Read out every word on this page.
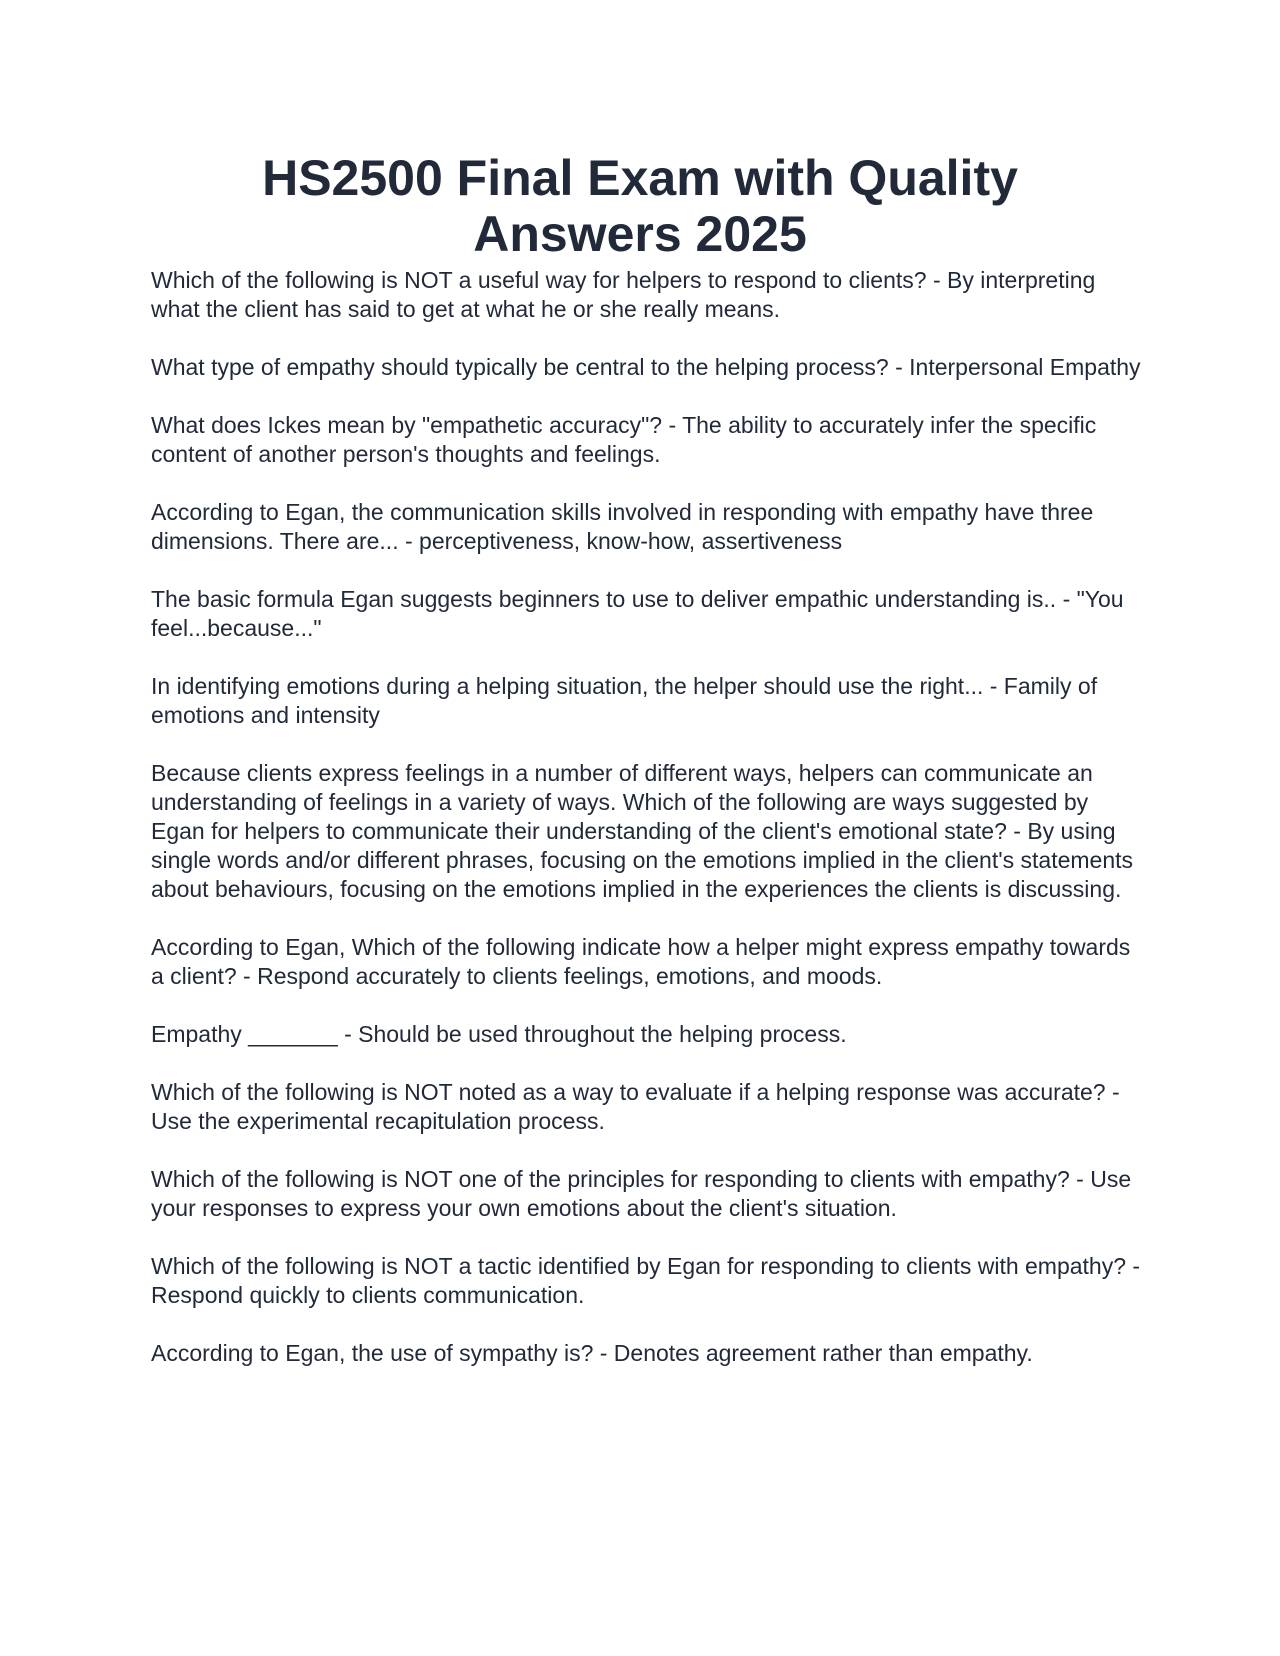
HS2500 Final Exam with Quality
Answers 2025

Which of the following is NOT a useful way for helpers to respond to clients? - By interpreting what the client has said to get at what he or she really means.

What type of empathy should typically be central to the helping process? - Interpersonal Empathy

What does Ickes mean by "empathetic accuracy"? - The ability to accurately infer the specific content of another person's thoughts and feelings.

According to Egan, the communication skills involved in responding with empathy have three dimensions. There are... - perceptiveness, know-how, assertiveness

The basic formula Egan suggests beginners to use to deliver empathic understanding is.. - "You feel...because..."

In identifying emotions during a helping situation, the helper should use the right... - Family of emotions and intensity

Because clients express feelings in a number of different ways, helpers can communicate an understanding of feelings in a variety of ways. Which of the following are ways suggested by Egan for helpers to communicate their understanding of the client's emotional state? - By using single words and/or different phrases, focusing on the emotions implied in the client's statements about behaviours, focusing on the emotions implied in the experiences the clients is discussing.

According to Egan, Which of the following indicate how a helper might express empathy towards a client? - Respond accurately to clients feelings, emotions, and moods.

Empathy _______ - Should be used throughout the helping process.

Which of the following is NOT noted as a way to evaluate if a helping response was accurate? - Use the experimental recapitulation process.

Which of the following is NOT one of the principles for responding to clients with empathy? - Use your responses to express your own emotions about the client's situation.

Which of the following is NOT a tactic identified by Egan for responding to clients with empathy? - Respond quickly to clients communication.

According to Egan, the use of sympathy is? - Denotes agreement rather than empathy.
